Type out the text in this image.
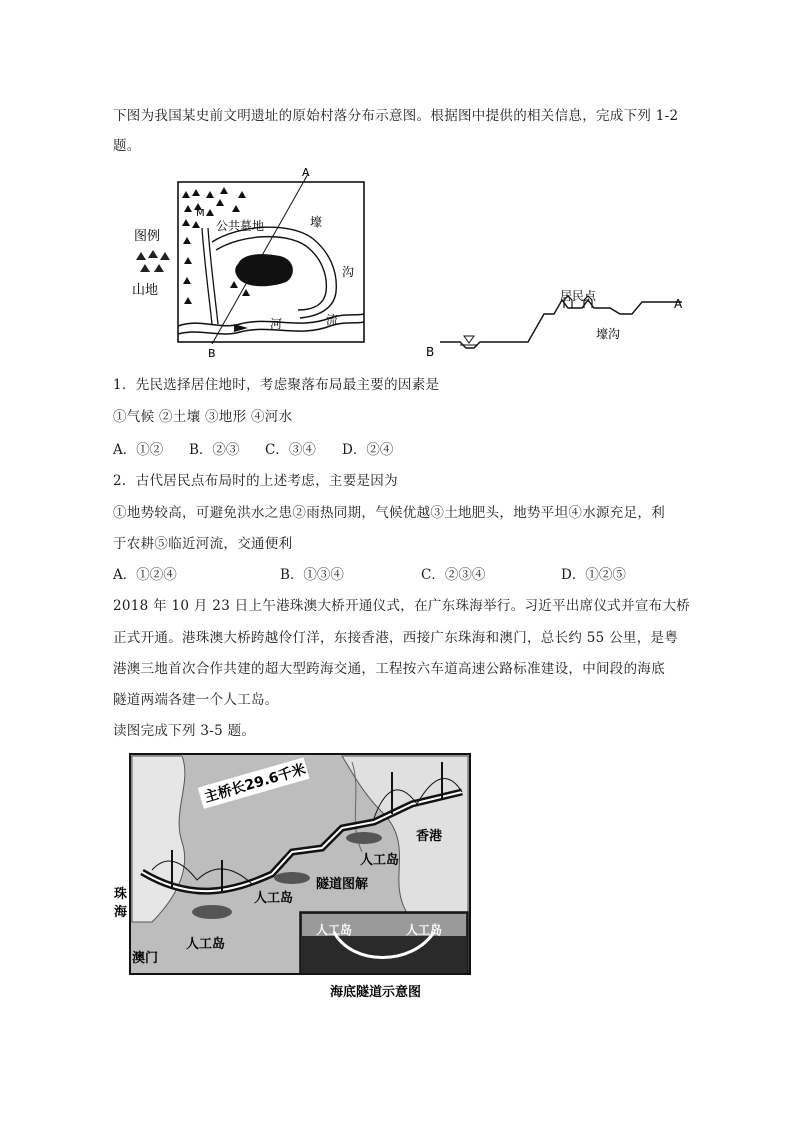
下图为我国某史前文明遗址的原始村落分布示意图。根据图中提供的相关信息，完成下列 1-2
题。
图例
山地
A
B
M
公共墓地	壕
沟
河	流
居民点
壕沟
A
B
1．先民选择居住地时，考虑聚落布局最主要的因素是
①气候 ②土壤 ③地形 ④河水
A．①② B．②③ C．③④ D．②④
2．古代居民点布局时的上述考虑，主要是因为
①地势较高，可避免洪水之患②雨热同期，气候优越③土地肥头，地势平坦④水源充足，利
于农耕⑤临近河流，交通便利
A．①②④	B．①③④	C．②③④	D．①②⑤
2018 年 10 月 23 日上午港珠澳大桥开通仪式，在广东珠海举行。习近平出席仪式并宣布大桥
正式开通。港珠澳大桥跨越伶仃洋，东接香港，西接广东珠海和澳门，总长约 55 公里，是粤
港澳三地首次合作共建的超大型跨海交通，工程按六车道高速公路标准建设，中间段的海底
隧道两端各建一个人工岛。
读图完成下列 3-5 题。
主桥长29.6千米
香港
人工岛
人工岛
人工岛
隧道图解
珠
海
澳门
人工岛	人工岛
海底隧道示意图
